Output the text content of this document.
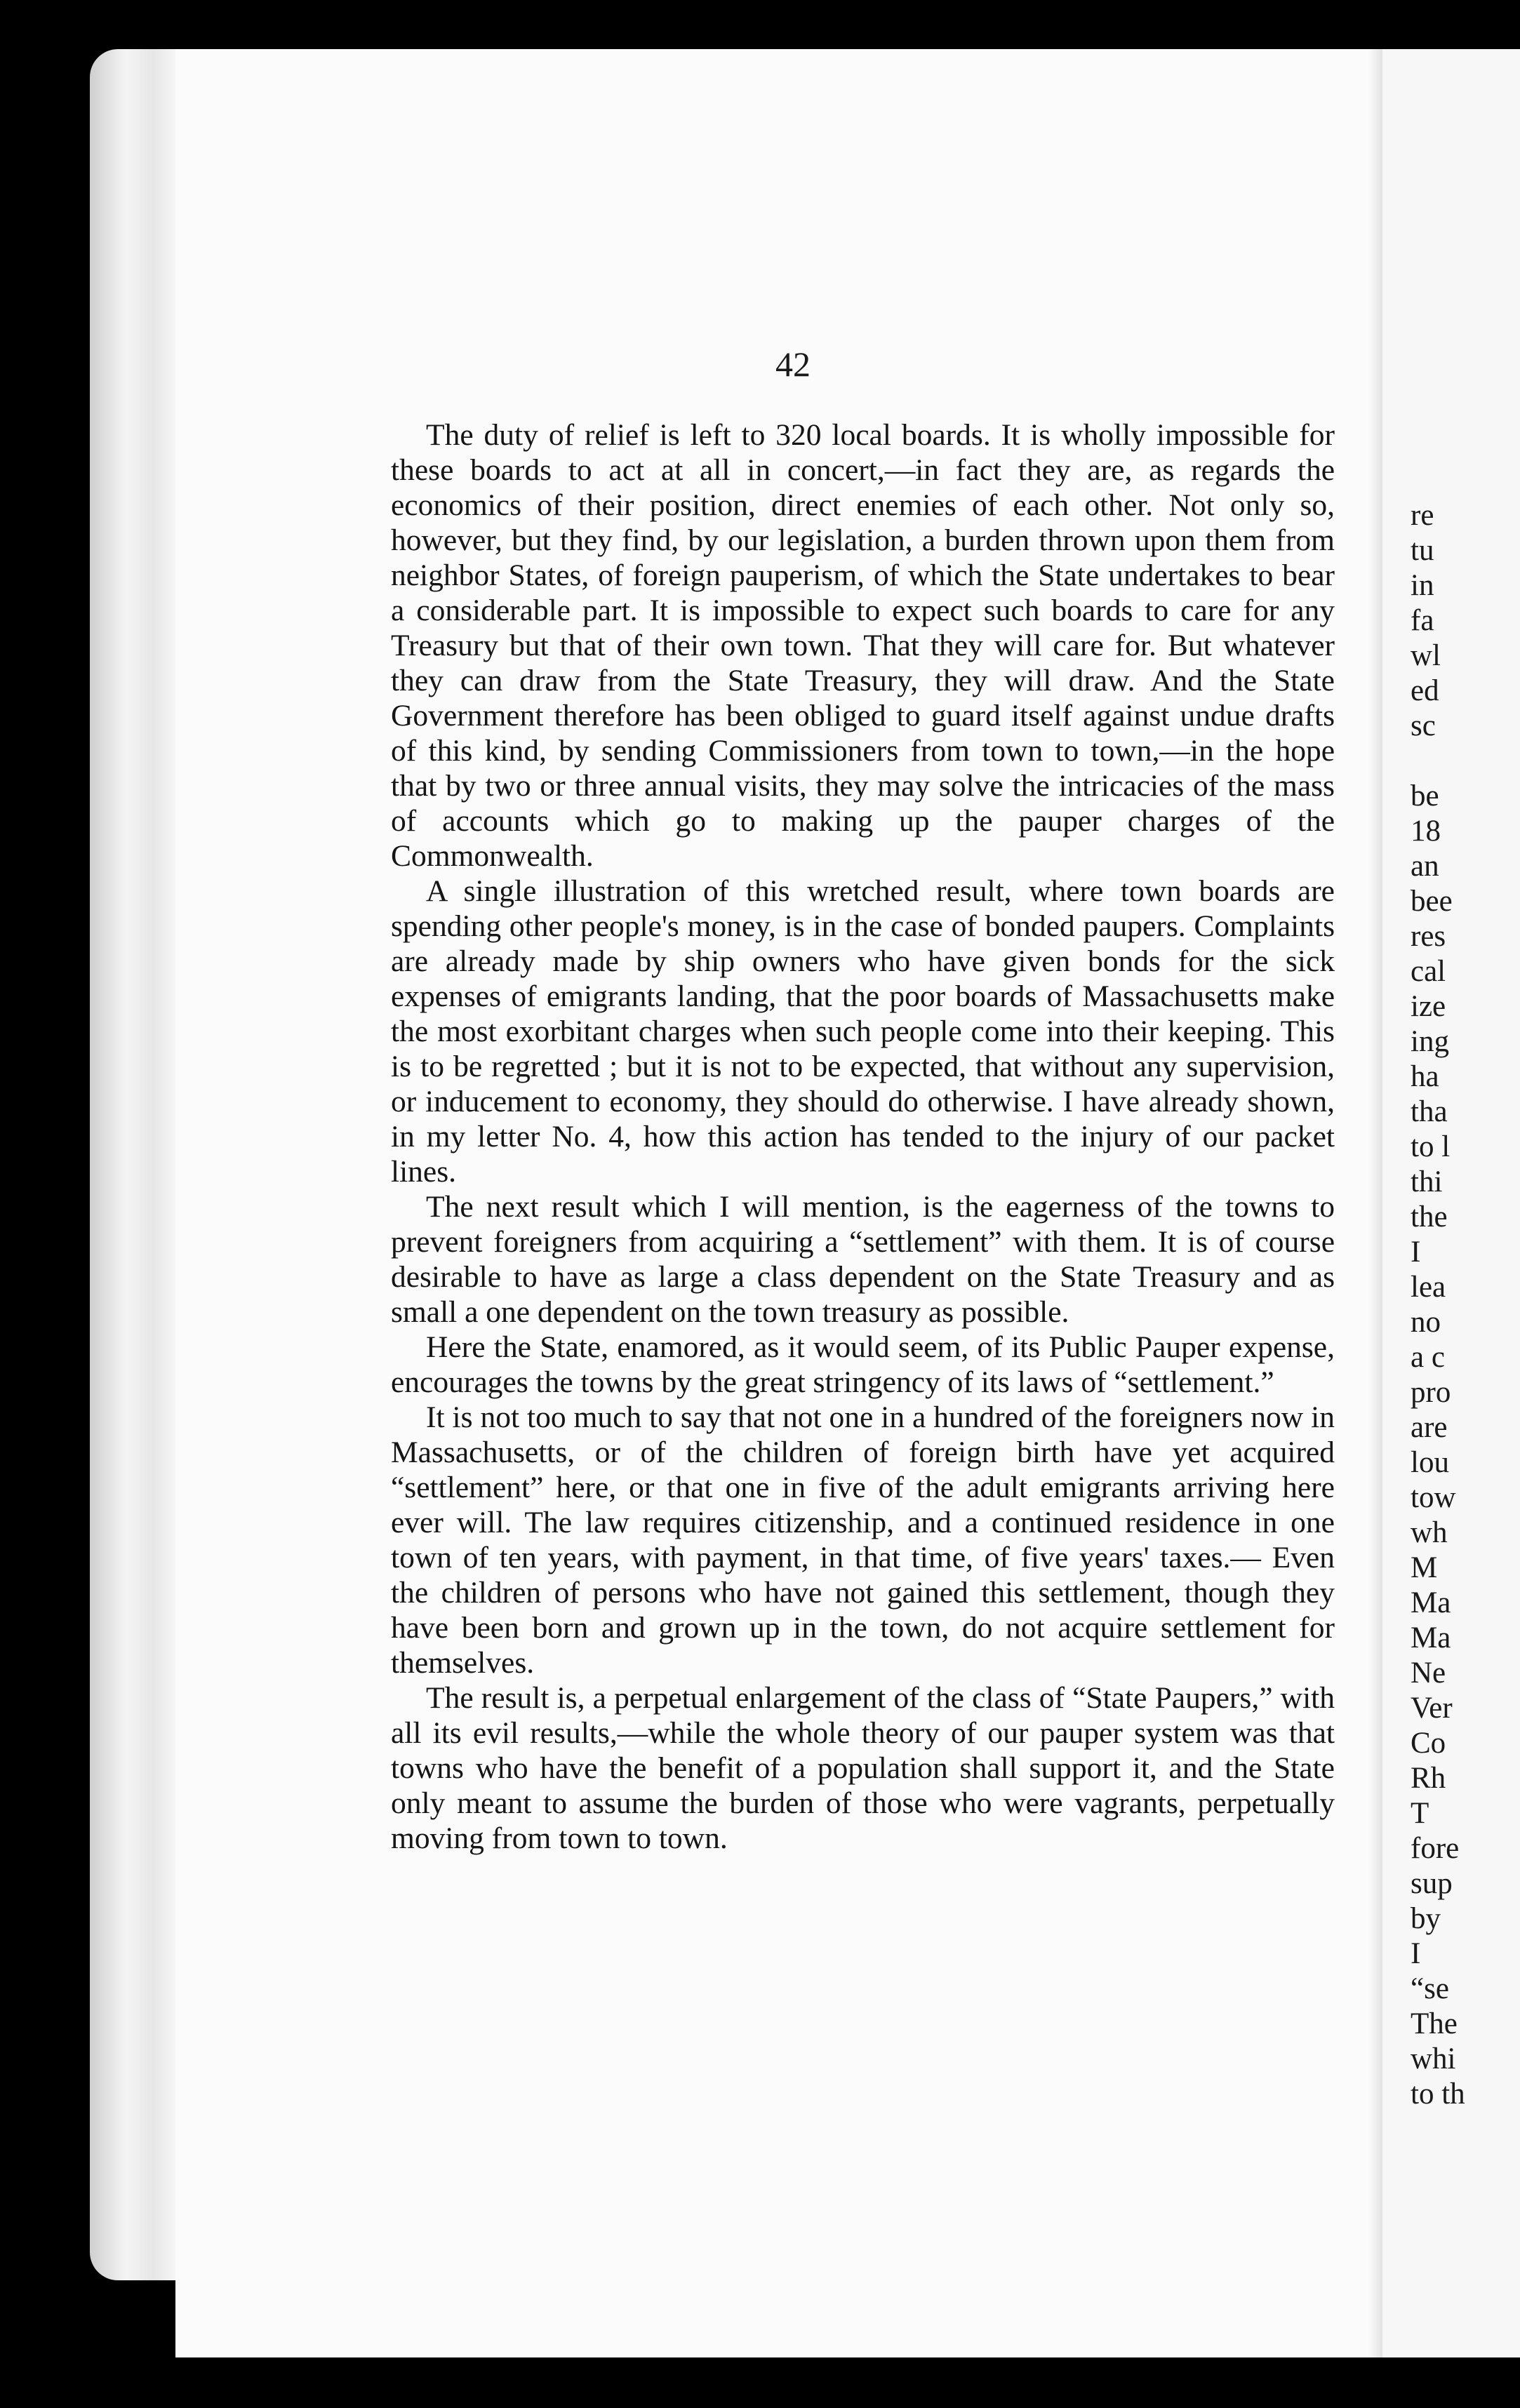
re
tu
in
fa
wl
ed
sc
be
18
an
bee
res
cal
ize
ing
ha
tha
to l
thi
the
I
lea
no
a c
pro
are
lou
tow
wh
M
Ma
Ma
Ne
Ver
Co
Rh
T
fore
sup
by
I
“se
The
whi
to th
42

The duty of relief is left to 320 local boards. It is wholly impossible for these boards to act at all in concert,—in fact they are, as regards the economics of their position, direct enemies of each other. Not only so, however, but they find, by our legislation, a burden thrown upon them from neighbor States, of foreign pauperism, of which the State undertakes to bear a considerable part. It is impossible to expect such boards to care for any Treasury but that of their own town. That they will care for. But whatever they can draw from the State Treasury, they will draw. And the State Government therefore has been obliged to guard itself against undue drafts of this kind, by sending Commissioners from town to town,—in the hope that by two or three annual visits, they may solve the intricacies of the mass of accounts which go to making up the pauper charges of the Commonwealth.

A single illustration of this wretched result, where town boards are spending other people's money, is in the case of bonded paupers. Complaints are already made by ship owners who have given bonds for the sick expenses of emigrants landing, that the poor boards of Massachusetts make the most exorbitant charges when such people come into their keeping. This is to be regretted ; but it is not to be expected, that without any supervision, or inducement to economy, they should do otherwise. I have already shown, in my letter No. 4, how this action has tended to the injury of our packet lines.

The next result which I will mention, is the eagerness of the towns to prevent foreigners from acquiring a “settlement” with them. It is of course desirable to have as large a class dependent on the State Treasury and as small a one dependent on the town treasury as possible.

Here the State, enamored, as it would seem, of its Public Pauper expense, encourages the towns by the great stringency of its laws of “settlement.”

It is not too much to say that not one in a hundred of the foreigners now in Massachusetts, or of the children of foreign birth have yet acquired “settlement” here, or that one in five of the adult emigrants arriving here ever will. The law requires citizenship, and a continued residence in one town of ten years, with payment, in that time, of five years' taxes.— Even the children of persons who have not gained this settlement, though they have been born and grown up in the town, do not acquire settlement for themselves.

The result is, a perpetual enlargement of the class of “State Paupers,” with all its evil results,—while the whole theory of our pauper system was that towns who have the benefit of a population shall support it, and the State only meant to assume the burden of those who were vagrants, perpetually moving from town to town.
